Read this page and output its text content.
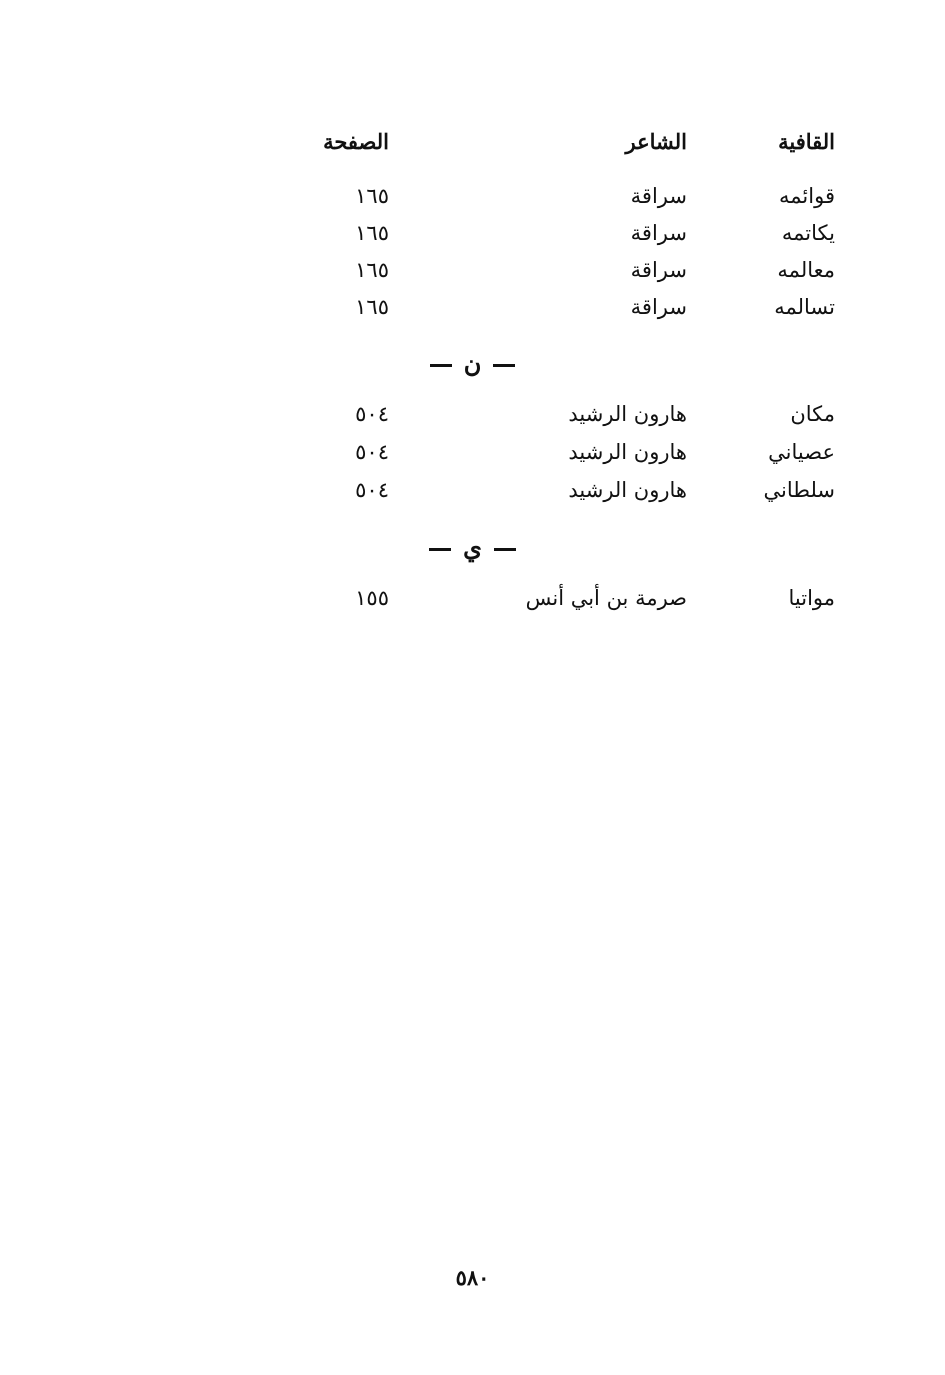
القافية
الشاعر
الصفحة
قوائمه
سراقة
١٦٥
يكاتمه
سراقة
١٦٥
معالمه
سراقة
١٦٥
تسالمه
سراقة
١٦٥
ن
مكان
هارون الرشيد
٥٠٤
عصياني
هارون الرشيد
٥٠٤
سلطاني
هارون الرشيد
٥٠٤
ي
مواتيا
صرمة بن أبي أنس
١٥٥
٥٨٠
